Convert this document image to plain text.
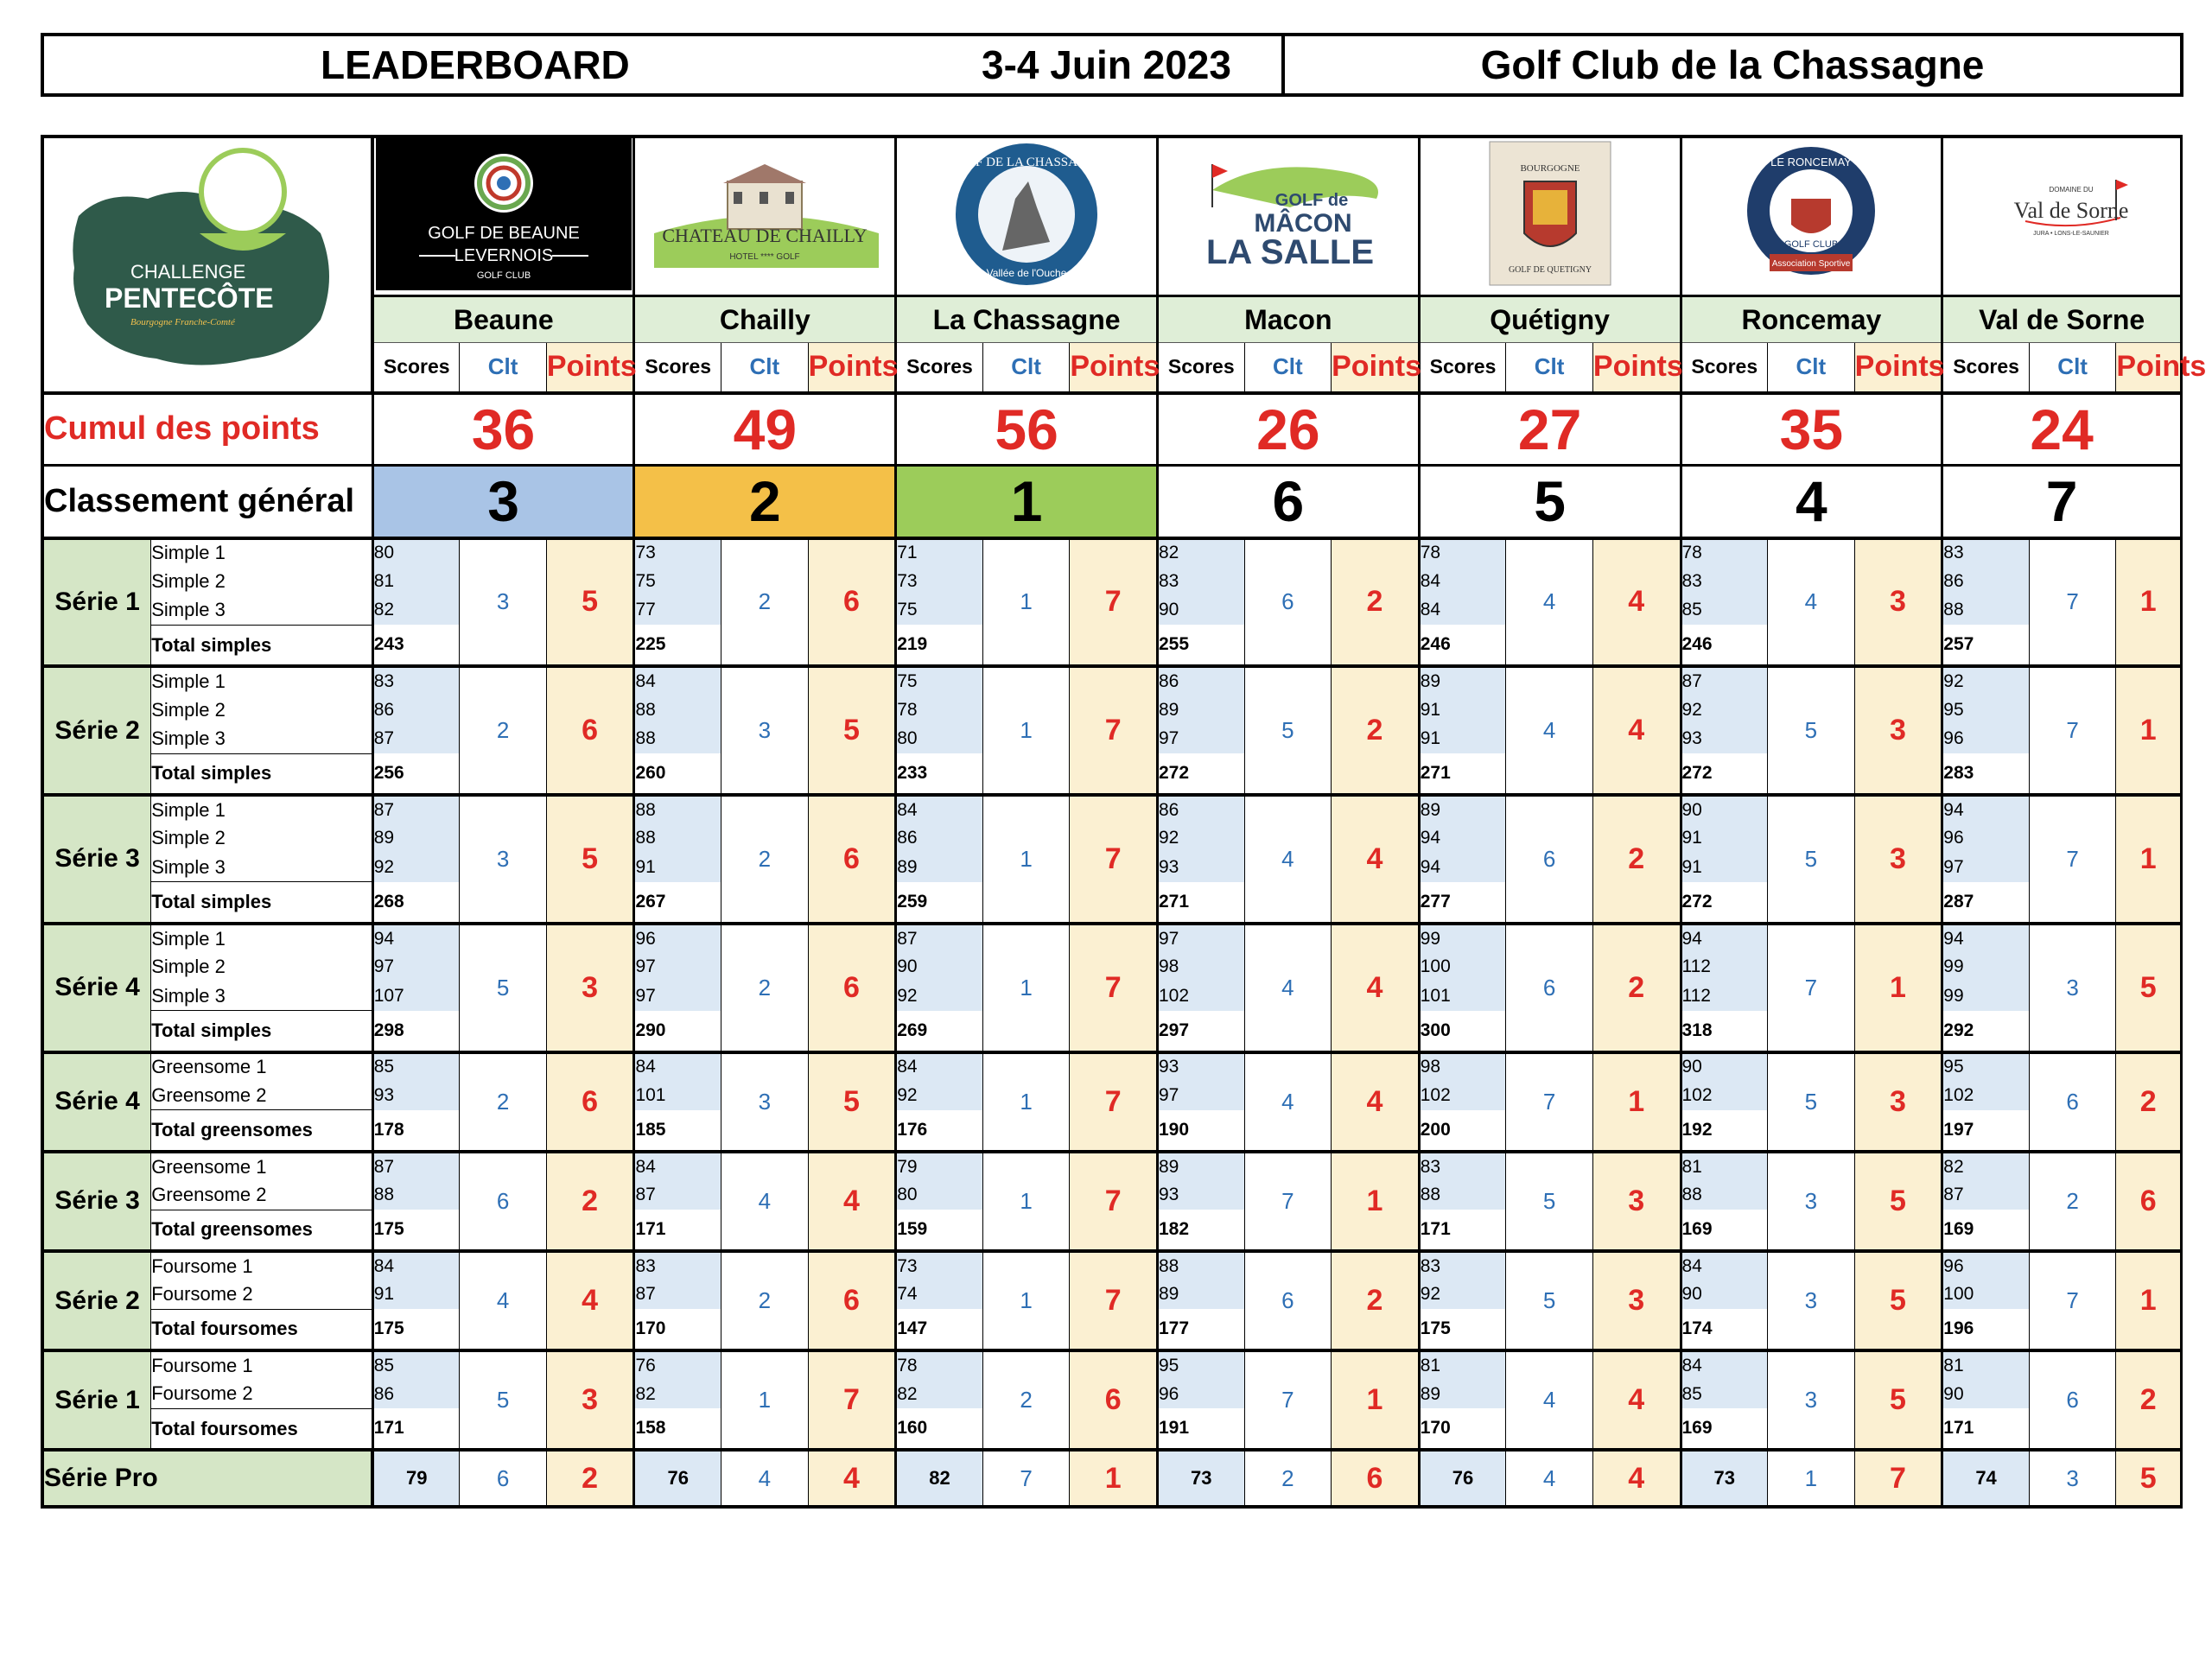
LEADERBOARD	3-4 Juin 2023	Golf Club de la Chassagne
CHALLENGE
PENTECÔTE
Bourgogne Franche-Comté		GOLF DE BEAUNE
LEVERNOIS
GOLF CLUB			CHATEAU DE CHAILLY
HOTEL **** GOLF			GOLF DE LA CHASSAGNE
Vallée de l'Ouche			GOLF de
MÂCON
LA SALLE			BOURGOGNE
GOLF DE QUETIGNY			LE RONCEMAY
GOLF CLUB
Association Sportive			DOMAINE DU
Val de Sorne
JURA • LONS-LE-SAUNIER		

		Beaune			Chailly			La Chassagne			Macon			Quétigny			Roncemay			Val de Sorne		
		Scores	Clt	Points	Scores	Clt	Points	Scores	Clt	Points	Scores	Clt	Points	Scores	Clt	Points	Scores	Clt	Points	Scores	Clt	Points
Cumul des points		36			49			56			26			27			35			24		
Classement général		3			2			1			6			5			4			7		
Série 1	Simple 1	80	3	5	73	2	6	71	1	7	82	6	2	78	4	4	78	4	3	83	7	1
	Simple 2	81			75			73			83			84			83			86		
	Simple 3	82			77			75			90			84			85			88		
	Total simples	243			225			219			255			246			246			257		
Série 2	Simple 1	83	2	6	84	3	5	75	1	7	86	5	2	89	4	4	87	5	3	92	7	1
	Simple 2	86			88			78			89			91			92			95		
	Simple 3	87			88			80			97			91			93			96		
	Total simples	256			260			233			272			271			272			283		
Série 3	Simple 1	87	3	5	88	2	6	84	1	7	86	4	4	89	6	2	90	5	3	94	7	1
	Simple 2	89			88			86			92			94			91			96		
	Simple 3	92			91			89			93			94			91			97		
	Total simples	268			267			259			271			277			272			287		
Série 4	Simple 1	94	5	3	96	2	6	87	1	7	97	4	4	99	6	2	94	7	1	94	3	5
	Simple 2	97			97			90			98			100			112			99		
	Simple 3	107			97			92			102			101			112			99		
	Total simples	298			290			269			297			300			318			292		
Série 4	Greensome 1	85	2	6	84	3	5	84	1	7	93	4	4	98	7	1	90	5	3	95	6	2
	Greensome 2	93			101			92			97			102			102			102		
	Total greensomes	178			185			176			190			200			192			197		
Série 3	Greensome 1	87	6	2	84	4	4	79	1	7	89	7	1	83	5	3	81	3	5	82	2	6
	Greensome 2	88			87			80			93			88			88			87		
	Total greensomes	175			171			159			182			171			169			169		
Série 2	Foursome 1	84	4	4	83	2	6	73	1	7	88	6	2	83	5	3	84	3	5	96	7	1
	Foursome 2	91			87			74			89			92			90			100		
	Total foursomes	175			170			147			177			175			174			196		
Série 1	Foursome 1	85	5	3	76	1	7	78	2	6	95	7	1	81	4	4	84	3	5	81	6	2
	Foursome 2	86			82			82			96			89			85			90		
	Total foursomes	171			158			160			191			170			169			171		
Série Pro		79	6	2	76	4	4	82	7	1	73	2	6	76	4	4	73	1	7	74	3	5
